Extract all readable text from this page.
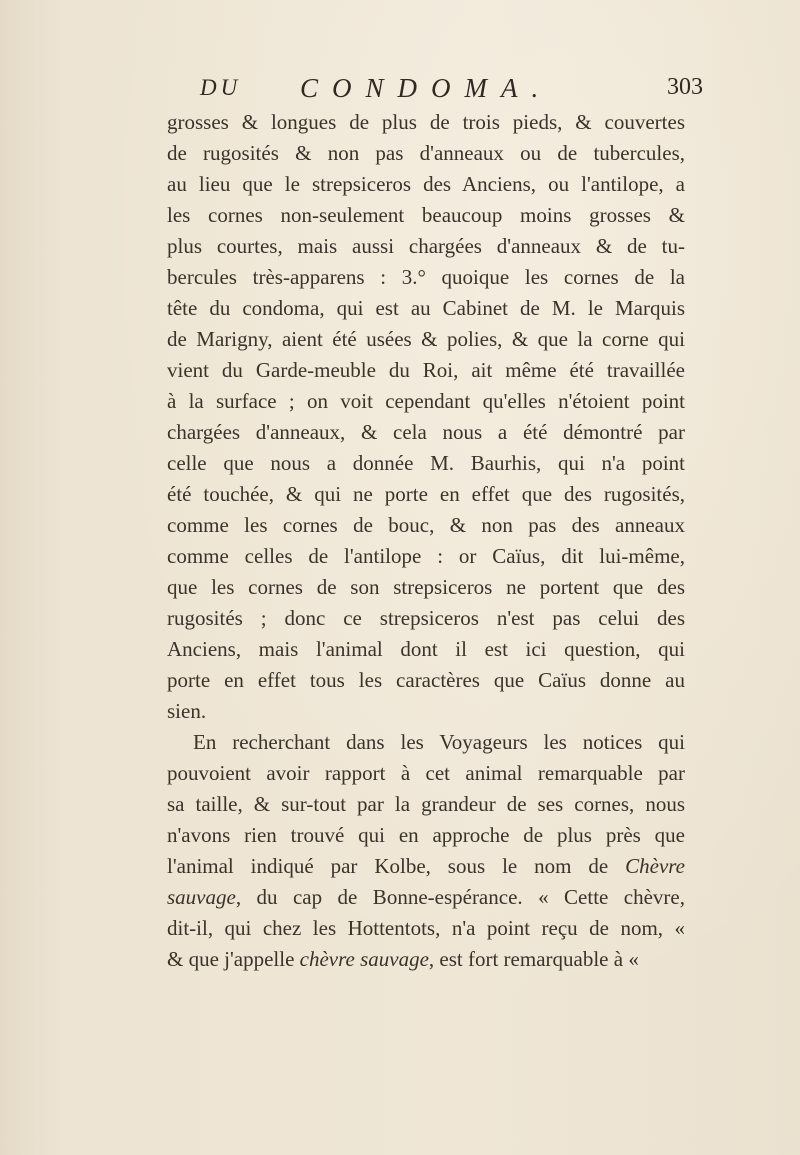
DU CONDOMA.	303
grosses & longues de plus de trois pieds, & couvertes
de rugosités & non pas d'anneaux ou de tubercules,
au lieu que le strepsiceros des Anciens, ou l'antilope, a
les cornes non-seulement beaucoup moins grosses &
plus courtes, mais aussi chargées d'anneaux & de tu-
bercules très-apparens : 3.° quoique les cornes de la
tête du condoma, qui est au Cabinet de M. le Marquis
de Marigny, aient été usées & polies, & que la corne qui
vient du Garde-meuble du Roi, ait même été travaillée
à la surface ; on voit cependant qu'elles n'étoient point
chargées d'anneaux, & cela nous a été démontré par
celle que nous a donnée M. Baurhis, qui n'a point
été touchée, & qui ne porte en effet que des rugosités,
comme les cornes de bouc, & non pas des anneaux
comme celles de l'antilope : or Caïus, dit lui-même,
que les cornes de son strepsiceros ne portent que des
rugosités ; donc ce strepsiceros n'est pas celui des
Anciens, mais l'animal dont il est ici question, qui
porte en effet tous les caractères que Caïus donne au
sien.
En recherchant dans les Voyageurs les notices qui
pouvoient avoir rapport à cet animal remarquable par
sa taille, & sur-tout par la grandeur de ses cornes, nous
n'avons rien trouvé qui en approche de plus près que
l'animal indiqué par Kolbe, sous le nom de Chèvre
sauvage, du cap de Bonne-espérance. « Cette chèvre,
dit-il, qui chez les Hottentots, n'a point reçu de nom, «
& que j'appelle chèvre sauvage, est fort remarquable à «
